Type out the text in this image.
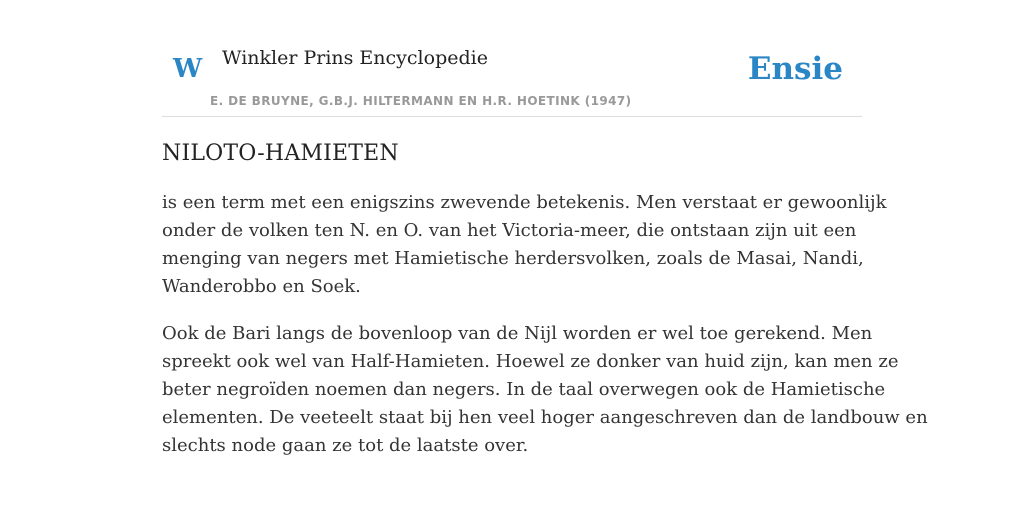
W Winkler Prins Encyclopedie
E. DE BRUYNE, G.B.J. HILTERMANN EN H.R. HOETINK (1947)
Ensie
NILOTO-HAMIETEN

is een term met een enigszins zwevende betekenis. Men verstaat er gewoonlijk
onder de volken ten N. en O. van het Victoria-meer, die ontstaan zijn uit een
menging van negers met Hamietische herdersvolken, zoals de Masai, Nandi,
Wanderobbo en Soek.

Ook de Bari langs de bovenloop van de Nijl worden er wel toe gerekend. Men
spreekt ook wel van Half-Hamieten. Hoewel ze donker van huid zijn, kan men ze
beter negroïden noemen dan negers. In de taal overwegen ook de Hamietische
elementen. De veeteelt staat bij hen veel hoger aangeschreven dan de landbouw en
slechts node gaan ze tot de laatste over.
